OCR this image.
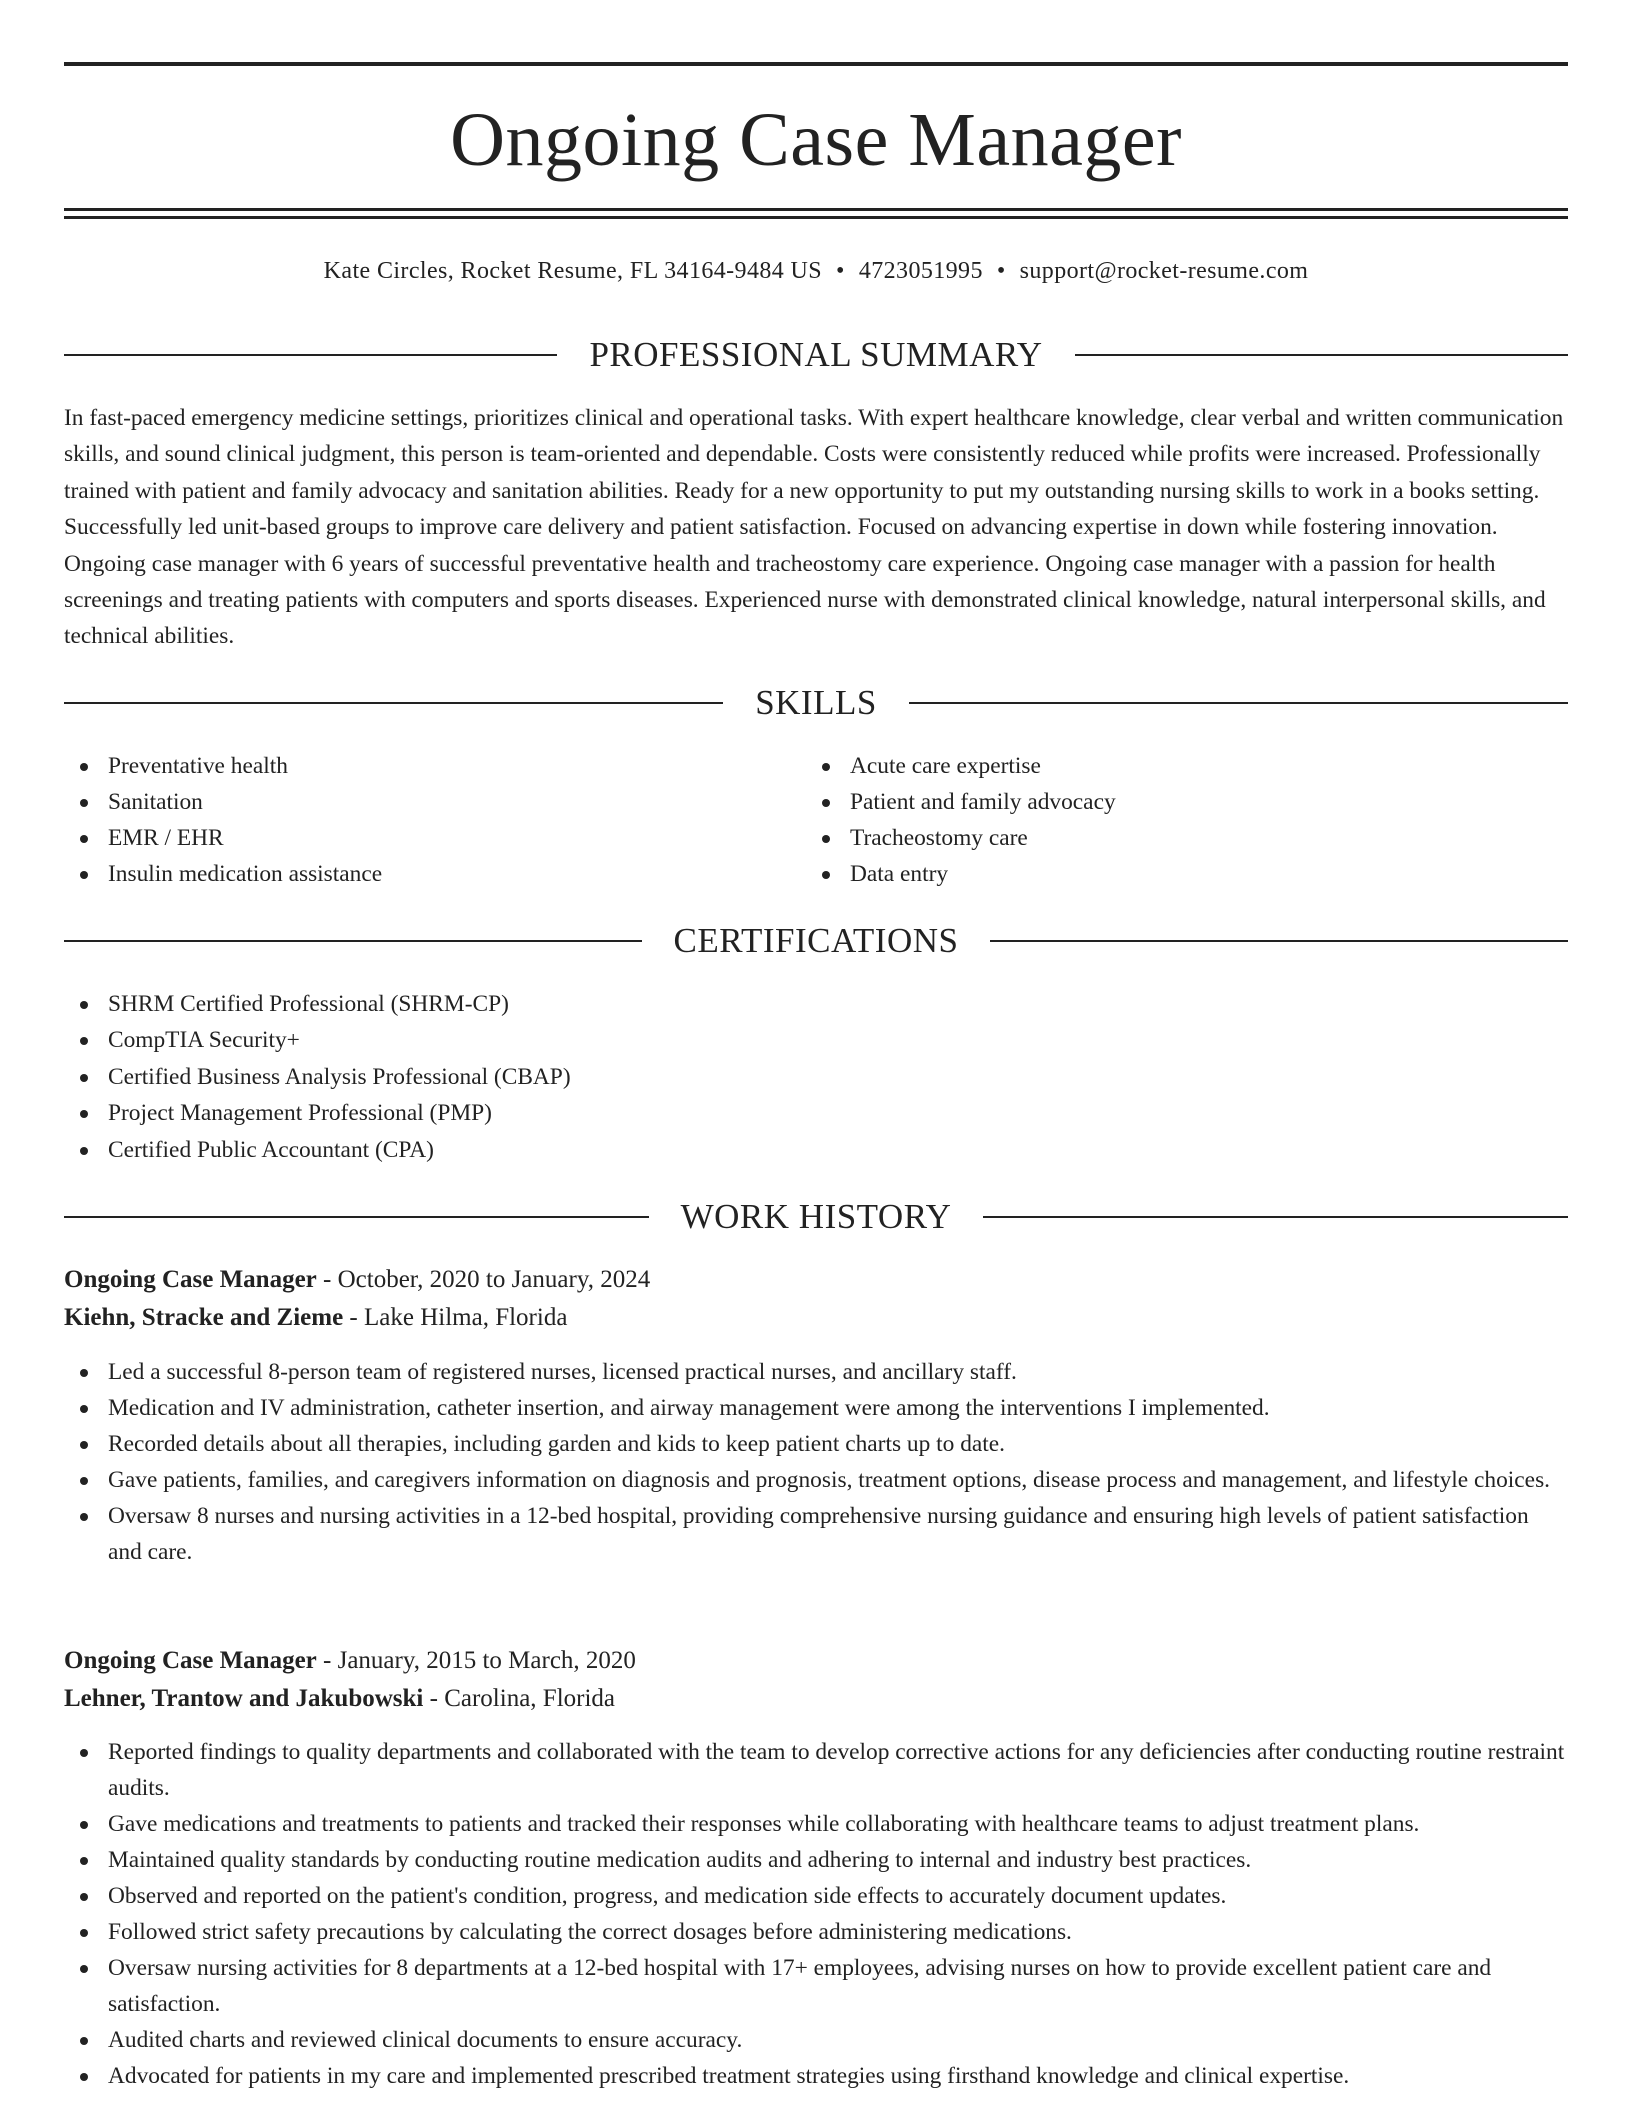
Ongoing Case Manager
Kate Circles, Rocket Resume, FL 34164-9484 US • 4723051995 • support@rocket-resume.com
PROFESSIONAL SUMMARY
In fast-paced emergency medicine settings, prioritizes clinical and operational tasks. With expert healthcare knowledge, clear verbal and written communication skills, and sound clinical judgment, this person is team-oriented and dependable. Costs were consistently reduced while profits were increased. Professionally trained with patient and family advocacy and sanitation abilities. Ready for a new opportunity to put my outstanding nursing skills to work in a books setting. Successfully led unit-based groups to improve care delivery and patient satisfaction. Focused on advancing expertise in down while fostering innovation. Ongoing case manager with 6 years of successful preventative health and tracheostomy care experience. Ongoing case manager with a passion for health screenings and treating patients with computers and sports diseases. Experienced nurse with demonstrated clinical knowledge, natural interpersonal skills, and technical abilities.
SKILLS
Preventative health
Sanitation
EMR / EHR
Insulin medication assistance
Acute care expertise
Patient and family advocacy
Tracheostomy care
Data entry
CERTIFICATIONS
SHRM Certified Professional (SHRM-CP)
CompTIA Security+
Certified Business Analysis Professional (CBAP)
Project Management Professional (PMP)
Certified Public Accountant (CPA)
WORK HISTORY
Ongoing Case Manager - October, 2020 to January, 2024
Kiehn, Stracke and Zieme - Lake Hilma, Florida
Led a successful 8-person team of registered nurses, licensed practical nurses, and ancillary staff.
Medication and IV administration, catheter insertion, and airway management were among the interventions I implemented.
Recorded details about all therapies, including garden and kids to keep patient charts up to date.
Gave patients, families, and caregivers information on diagnosis and prognosis, treatment options, disease process and management, and lifestyle choices.
Oversaw 8 nurses and nursing activities in a 12-bed hospital, providing comprehensive nursing guidance and ensuring high levels of patient satisfaction and care.
Ongoing Case Manager - January, 2015 to March, 2020
Lehner, Trantow and Jakubowski - Carolina, Florida
Reported findings to quality departments and collaborated with the team to develop corrective actions for any deficiencies after conducting routine restraint audits.
Gave medications and treatments to patients and tracked their responses while collaborating with healthcare teams to adjust treatment plans.
Maintained quality standards by conducting routine medication audits and adhering to internal and industry best practices.
Observed and reported on the patient's condition, progress, and medication side effects to accurately document updates.
Followed strict safety precautions by calculating the correct dosages before administering medications.
Oversaw nursing activities for 8 departments at a 12-bed hospital with 17+ employees, advising nurses on how to provide excellent patient care and satisfaction.
Audited charts and reviewed clinical documents to ensure accuracy.
Advocated for patients in my care and implemented prescribed treatment strategies using firsthand knowledge and clinical expertise.
